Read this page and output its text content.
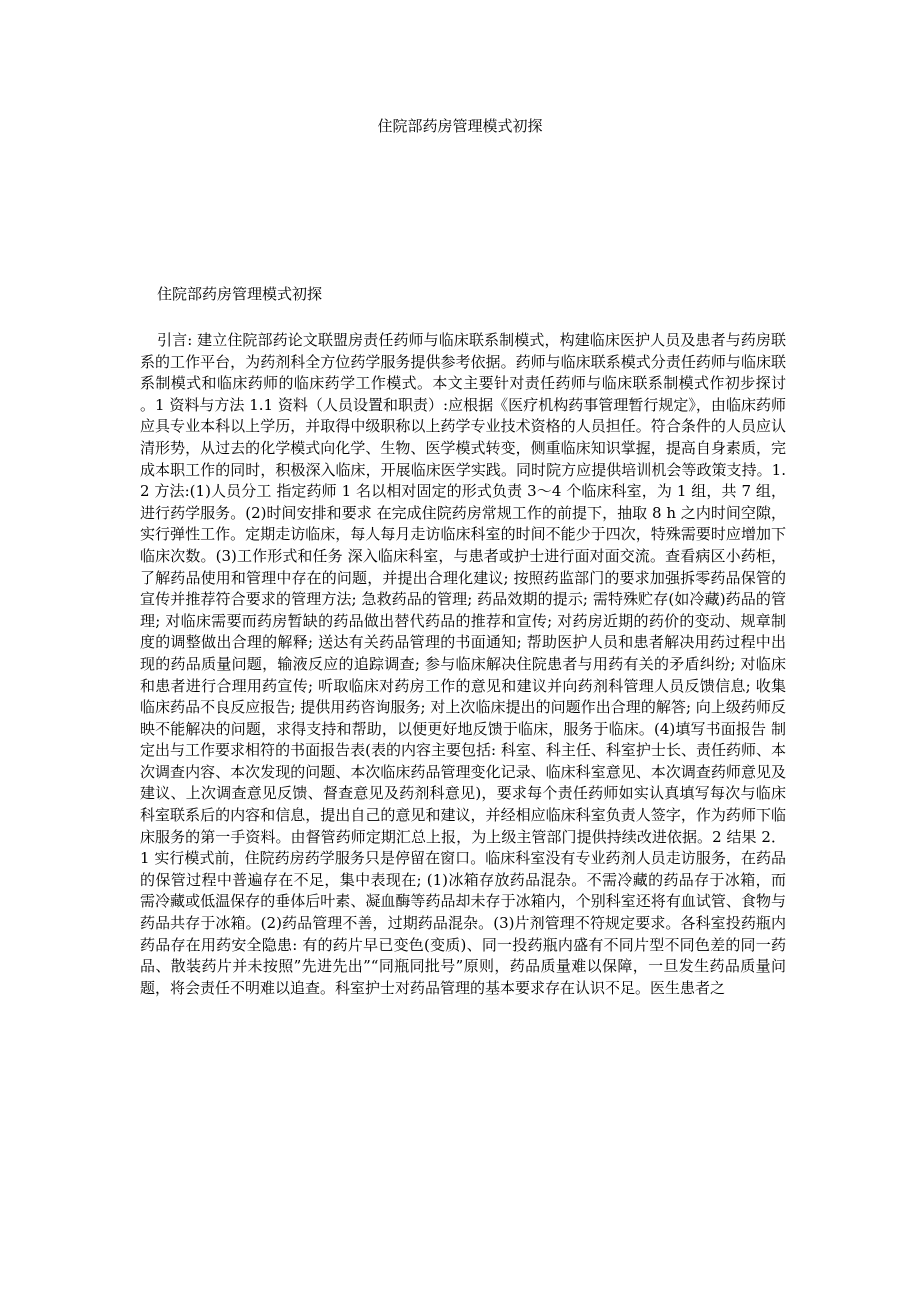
住院部药房管理模式初探
住院部药房管理模式初探
引言: 建立住院部药论文联盟房责任药师与临床联系制模式，构建临床医护人员及患者与药房联系的工作平台，为药剂科全方位药学服务提供参考依据。药师与临床联系模式分责任药师与临床联系制模式和临床药师的临床药学工作模式。本文主要针对责任药师与临床联系制模式作初步探讨 。1 资料与方法 1.1 资料（人员设置和职责）:应根据《医疗机构药事管理暂行规定》，由临床药师应具专业本科以上学历，并取得中级职称以上药学专业技术资格的人员担任。符合条件的人员应认清形势，从过去的化学模式向化学、生物、医学模式转变，侧重临床知识掌握，提高自身素质，完成本职工作的同时，积极深入临床，开展临床医学实践。同时院方应提供培训机会等政策支持。1.2 方法:(1)人员分工 指定药师 1 名以相对固定的形式负责 3～4 个临床科室，为 1 组，共 7 组，进行药学服务。(2)时间安排和要求 在完成住院药房常规工作的前提下，抽取 8 h 之内时间空隙，实行弹性工作。定期走访临床，每人每月走访临床科室的时间不能少于四次，特殊需要时应增加下临床次数。(3)工作形式和任务 深入临床科室，与患者或护士进行面对面交流。查看病区小药柜，了解药品使用和管理中存在的问题，并提出合理化建议; 按照药监部门的要求加强拆零药品保管的宣传并推荐符合要求的管理方法; 急救药品的管理; 药品效期的提示; 需特殊贮存(如冷藏)药品的管理; 对临床需要而药房暂缺的药品做出替代药品的推荐和宣传; 对药房近期的药价的变动、规章制度的调整做出合理的解释; 送达有关药品管理的书面通知; 帮助医护人员和患者解决用药过程中出现的药品质量问题，输液反应的追踪调查; 参与临床解决住院患者与用药有关的矛盾纠纷; 对临床和患者进行合理用药宣传; 听取临床对药房工作的意见和建议并向药剂科管理人员反馈信息; 收集临床药品不良反应报告; 提供用药咨询服务; 对上次临床提出的问题作出合理的解答; 向上级药师反映不能解决的问题，求得支持和帮助，以便更好地反馈于临床，服务于临床。(4)填写书面报告 制定出与工作要求相符的书面报告表(表的内容主要包括: 科室、科主任、科室护士长、责任药师、本次调查内容、本次发现的问题、本次临床药品管理变化记录、临床科室意见、本次调查药师意见及建议、上次调查意见反馈、督查意见及药剂科意见)，要求每个责任药师如实认真填写每次与临床科室联系后的内容和信息，提出自己的意见和建议，并经相应临床科室负责人签字，作为药师下临床服务的第一手资料。由督管药师定期汇总上报，为上级主管部门提供持续改进依据。2 结果 2．1 实行模式前，住院药房药学服务只是停留在窗口。临床科室没有专业药剂人员走访服务，在药品的保管过程中普遍存在不足，集中表现在; (1)冰箱存放药品混杂。不需冷藏的药品存于冰箱，而需冷藏或低温保存的垂体后叶素、凝血酶等药品却未存于冰箱内，个别科室还将有血试管、食物与药品共存于冰箱。(2)药品管理不善，过期药品混杂。(3)片剂管理不符规定要求。各科室投药瓶内药品存在用药安全隐患: 有的药片早已变色(变质)、同一投药瓶内盛有不同片型不同色差的同一药品、散装药片并未按照”先进先出”“同瓶同批号”原则，药品质量难以保障，一旦发生药品质量问题，将会责任不明难以追查。科室护士对药品管理的基本要求存在认识不足。医生患者之
